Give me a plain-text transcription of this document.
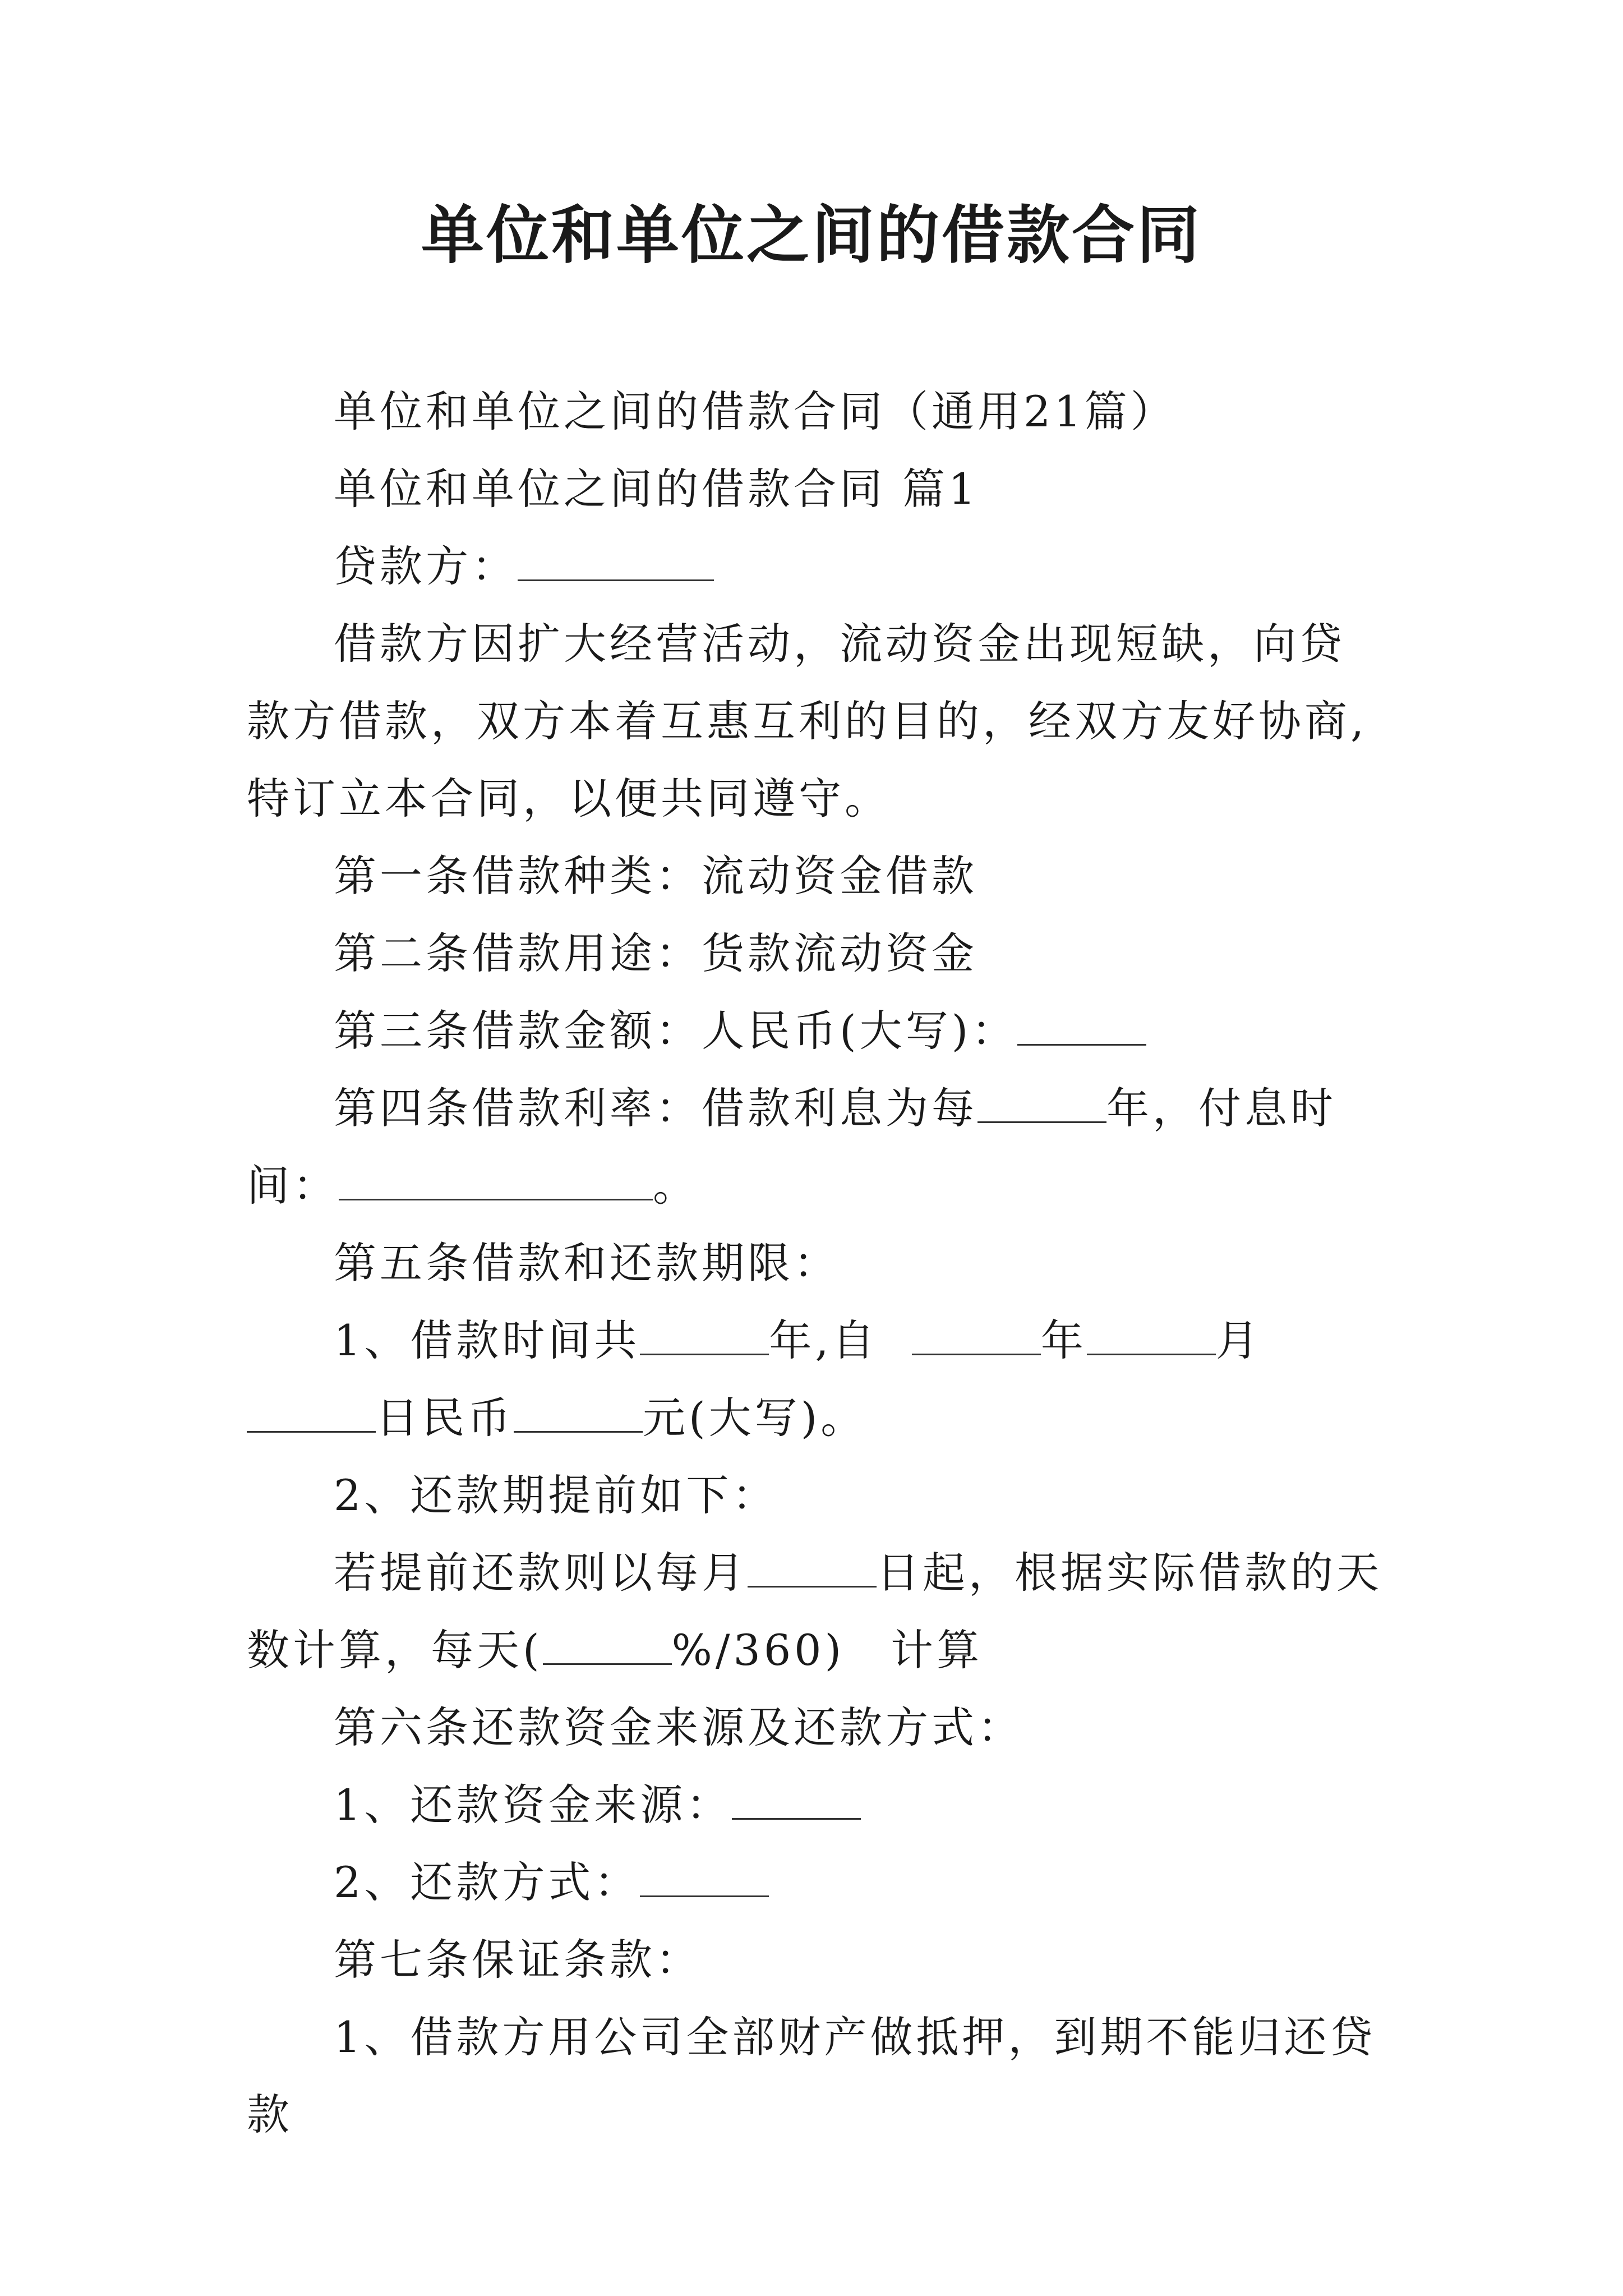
单位和单位之间的借款合同

单位和单位之间的借款合同（通用21篇）

单位和单位之间的借款合同 篇1

贷款方：

借款方因扩大经营活动，流动资金出现短缺，向贷款方借款，双方本着互惠互利的目的，经双方友好协商,特订立本合同，以便共同遵守。

第一条借款种类：流动资金借款

第二条借款用途：货款流动资金

第三条借款金额：人民币(大写)：

第四条借款利率：借款利息为每	年，付息时间：	。

第五条借款和还款期限：

1、借款时间共	年,自	年	月日民币	元(大写)。

2、还款期提前如下：

若提前还款则以每月	日起，根据实际借款的天数计算，每天(	%/360)　计算

第六条还款资金来源及还款方式：

1、还款资金来源：

2、还款方式：

第七条保证条款：

1、借款方用公司全部财产做抵押，到期不能归还贷款
